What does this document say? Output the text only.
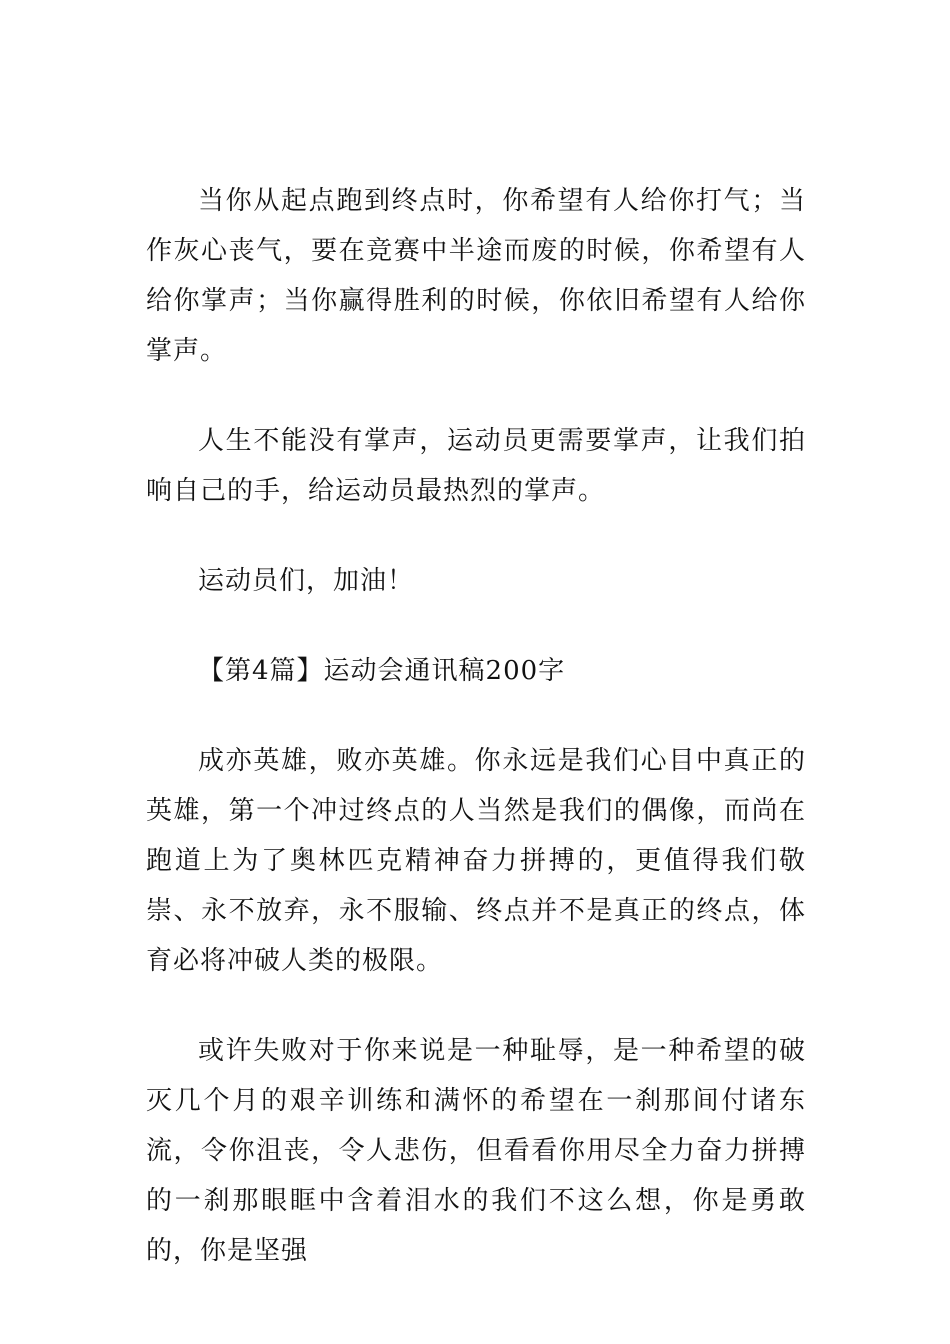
当你从起点跑到终点时，你希望有人给你打气；当作灰心丧气，要在竞赛中半途而废的时候，你希望有人给你掌声；当你赢得胜利的时候，你依旧希望有人给你掌声。

人生不能没有掌声，运动员更需要掌声，让我们拍响自己的手，给运动员最热烈的掌声。

运动员们，加油！

【第4篇】运动会通讯稿200字

成亦英雄，败亦英雄。你永远是我们心目中真正的英雄，第一个冲过终点的人当然是我们的偶像，而尚在跑道上为了奥林匹克精神奋力拼搏的，更值得我们敬崇、永不放弃，永不服输、终点并不是真正的终点，体育必将冲破人类的极限。

或许失败对于你来说是一种耻辱，是一种希望的破灭几个月的艰辛训练和满怀的希望在一刹那间付诸东流，令你沮丧，令人悲伤，但看看你用尽全力奋力拼搏的一刹那眼眶中含着泪水的我们不这么想，你是勇敢的，你是坚强
